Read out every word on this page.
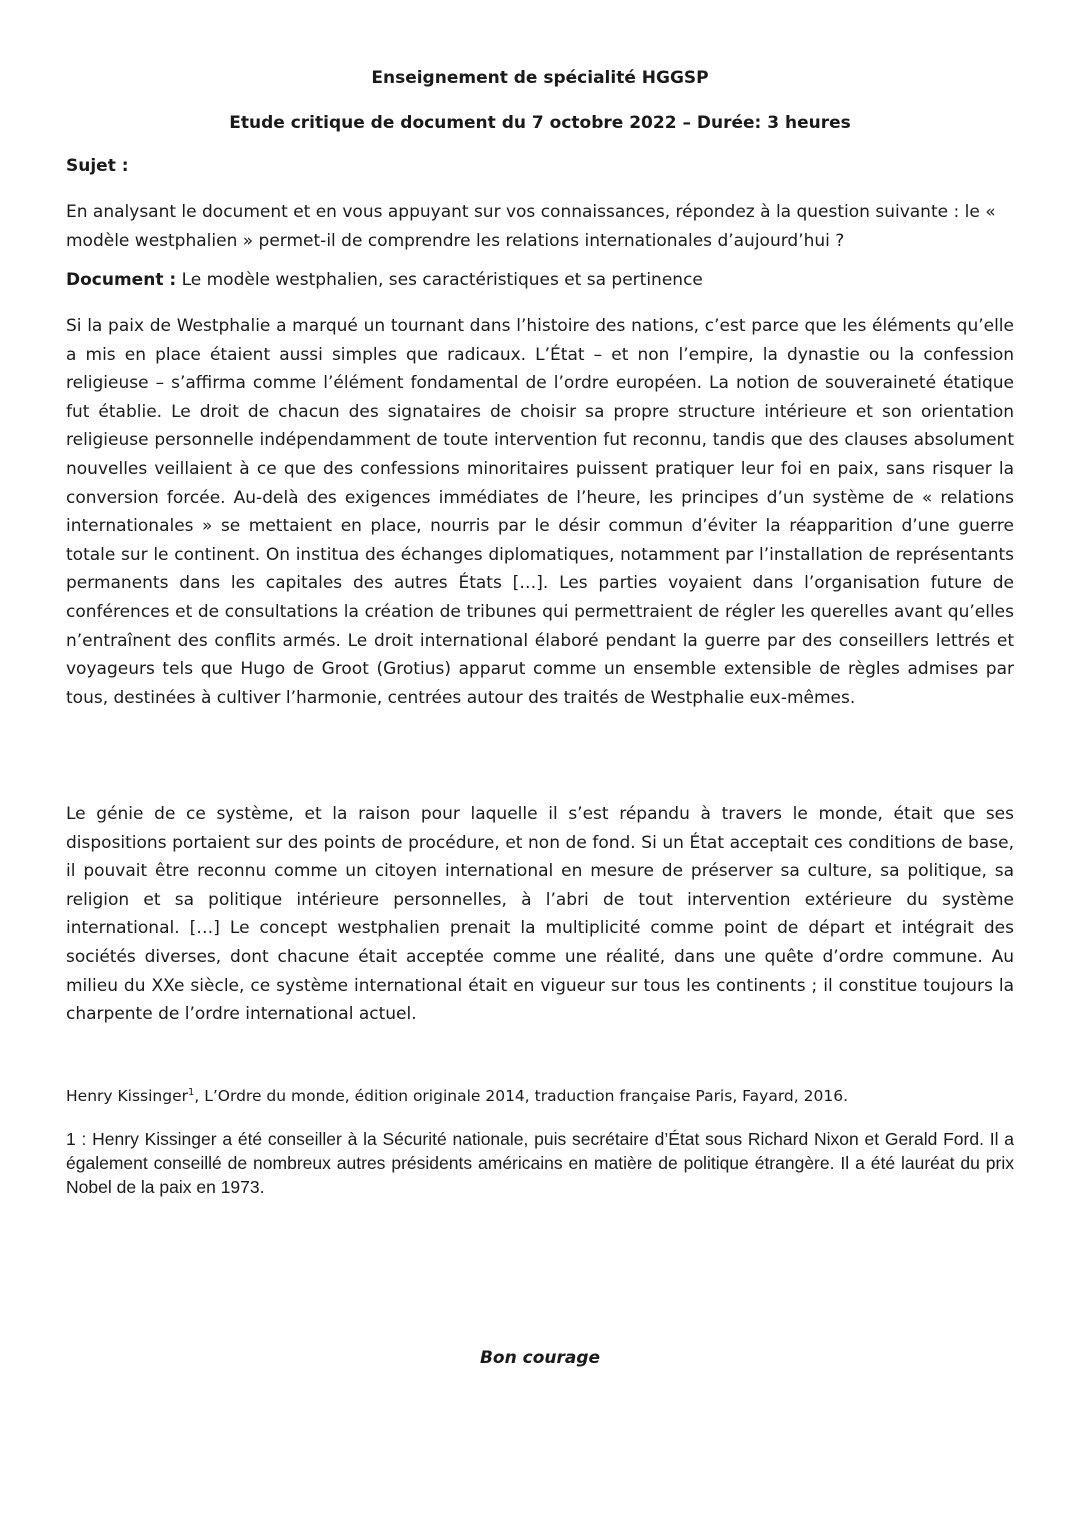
Enseignement de spécialité HGGSP
Etude critique de document du 7 octobre 2022 – Durée: 3 heures
Sujet :
En analysant le document et en vous appuyant sur vos connaissances, répondez à la question suivante : le « modèle westphalien » permet-il de comprendre les relations internationales d’aujourd’hui ?
Document : Le modèle westphalien, ses caractéristiques et sa pertinence

Si la paix de Westphalie a marqué un tournant dans l’histoire des nations, c’est parce que les éléments qu’elle a mis en place étaient aussi simples que radicaux. L’État – et non l’empire, la dynastie ou la confession religieuse – s’affirma comme l’élément fondamental de l’ordre européen. La notion de souveraineté étatique fut établie. Le droit de chacun des signataires de choisir sa propre structure intérieure et son orientation religieuse personnelle indépendamment de toute intervention fut reconnu, tandis que des clauses absolument nouvelles veillaient à ce que des confessions minoritaires puissent pratiquer leur foi en paix, sans risquer la conversion forcée. Au-delà des exigences immédiates de l’heure, les principes d’un système de « relations internationales » se mettaient en place, nourris par le désir commun d’éviter la réapparition d’une guerre totale sur le continent. On institua des échanges diplomatiques, notamment par l’installation de représentants permanents dans les capitales des autres États […]. Les parties voyaient dans l’organisation future de conférences et de consultations la création de tribunes qui permettraient de régler les querelles avant qu’elles n’entraînent des conflits armés. Le droit international élaboré pendant la guerre par des conseillers lettrés et voyageurs tels que Hugo de Groot (Grotius) apparut comme un ensemble extensible de règles admises par tous, destinées à cultiver l’harmonie, centrées autour des traités de Westphalie eux-mêmes.

Le génie de ce système, et la raison pour laquelle il s’est répandu à travers le monde, était que ses dispositions portaient sur des points de procédure, et non de fond. Si un État acceptait ces conditions de base, il pouvait être reconnu comme un citoyen international en mesure de préserver sa culture, sa politique, sa religion et sa politique intérieure personnelles, à l’abri de tout intervention extérieure du système international. […] Le concept westphalien prenait la multiplicité comme point de départ et intégrait des sociétés diverses, dont chacune était acceptée comme une réalité, dans une quête d’ordre commune. Au milieu du XXe siècle, ce système international était en vigueur sur tous les continents ; il constitue toujours la charpente de l’ordre international actuel.

Henry Kissinger$^1$, L’Ordre du monde, édition originale 2014, traduction française Paris, Fayard, 2016.
1 : Henry Kissinger a été conseiller à la Sécurité nationale, puis secrétaire d’État sous Richard Nixon et Gerald Ford. Il a également conseillé de nombreux autres présidents américains en matière de politique étrangère. Il a été lauréat du prix Nobel de la paix en 1973.
Bon courage
